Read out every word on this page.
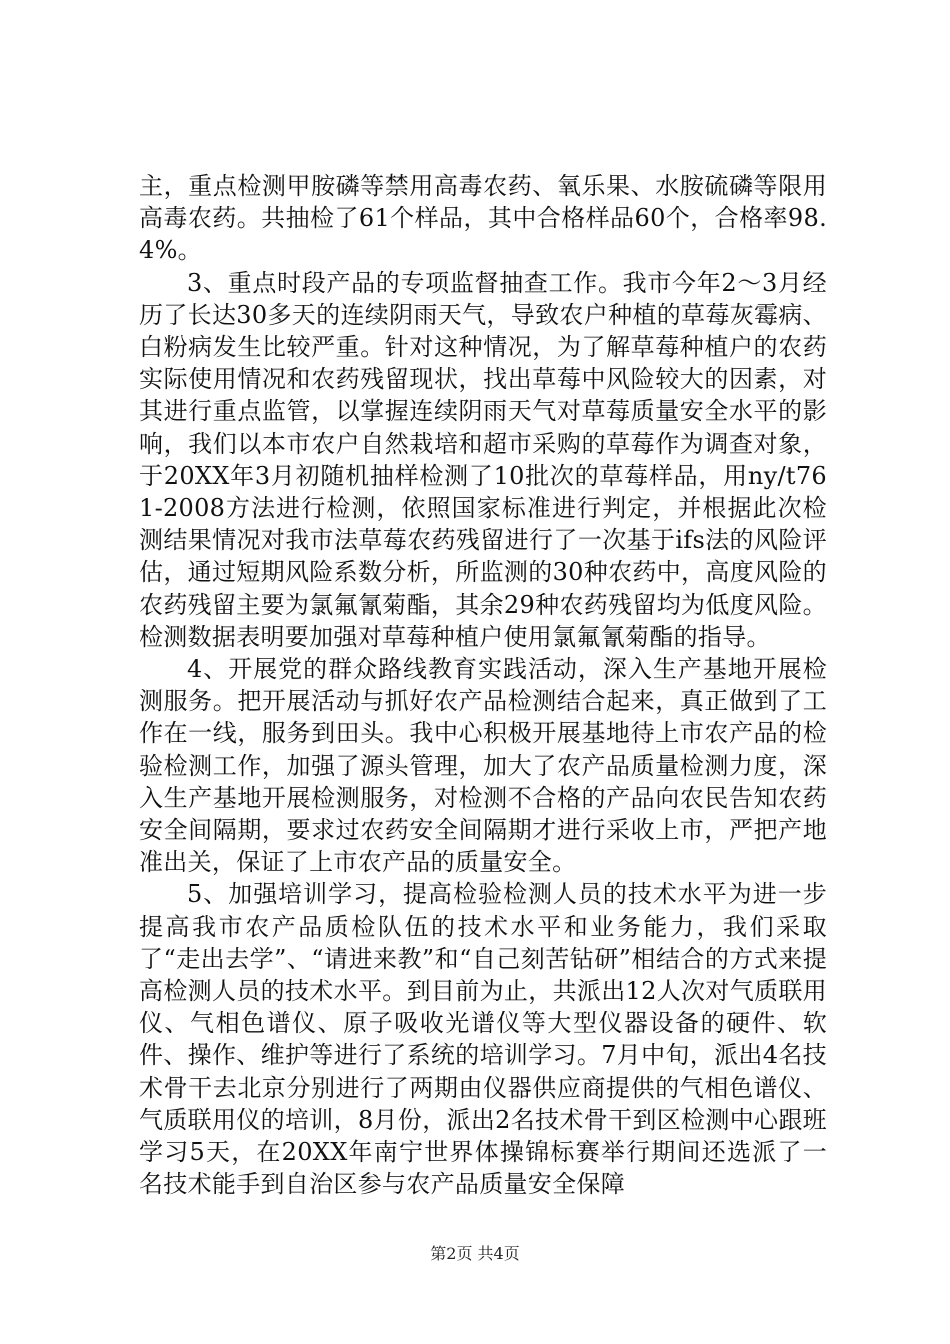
主，重点检测甲胺磷等禁用高毒农药、氧乐果、水胺硫磷等限用高毒农药。共抽检了61个样品，其中合格样品60个，合格率98.4%。

3、重点时段产品的专项监督抽查工作。我市今年2～3月经历了长达30多天的连续阴雨天气，导致农户种植的草莓灰霉病、白粉病发生比较严重。针对这种情况，为了解草莓种植户的农药实际使用情况和农药残留现状，找出草莓中风险较大的因素，对其进行重点监管，以掌握连续阴雨天气对草莓质量安全水平的影响，我们以本市农户自然栽培和超市采购的草莓作为调查对象，于20XX年3月初随机抽样检测了10批次的草莓样品，用ny/t761-2008方法进行检测，依照国家标准进行判定，并根据此次检测结果情况对我市法草莓农药残留进行了一次基于ifs法的风险评估，通过短期风险系数分析，所监测的30种农药中，高度风险的农药残留主要为氯氟氰菊酯，其余29种农药残留均为低度风险。检测数据表明要加强对草莓种植户使用氯氟氰菊酯的指导。

4、开展党的群众路线教育实践活动，深入生产基地开展检测服务。把开展活动与抓好农产品检测结合起来，真正做到了工作在一线，服务到田头。我中心积极开展基地待上市农产品的检验检测工作，加强了源头管理，加大了农产品质量检测力度，深入生产基地开展检测服务，对检测不合格的产品向农民告知农药安全间隔期，要求过农药安全间隔期才进行采收上市，严把产地准出关，保证了上市农产品的质量安全。

5、加强培训学习，提高检验检测人员的技术水平为进一步提高我市农产品质检队伍的技术水平和业务能力，我们采取了“走出去学”、“请进来教”和“自己刻苦钻研”相结合的方式来提高检测人员的技术水平。到目前为止，共派出12人次对气质联用仪、气相色谱仪、原子吸收光谱仪等大型仪器设备的硬件、软件、操作、维护等进行了系统的培训学习。7月中旬，派出4名技术骨干去北京分别进行了两期由仪器供应商提供的气相色谱仪、气质联用仪的培训，8月份，派出2名技术骨干到区检测中心跟班学习5天，在20XX年南宁世界体操锦标赛举行期间还选派了一名技术能手到自治区参与农产品质量安全保障

第2页 共4页
